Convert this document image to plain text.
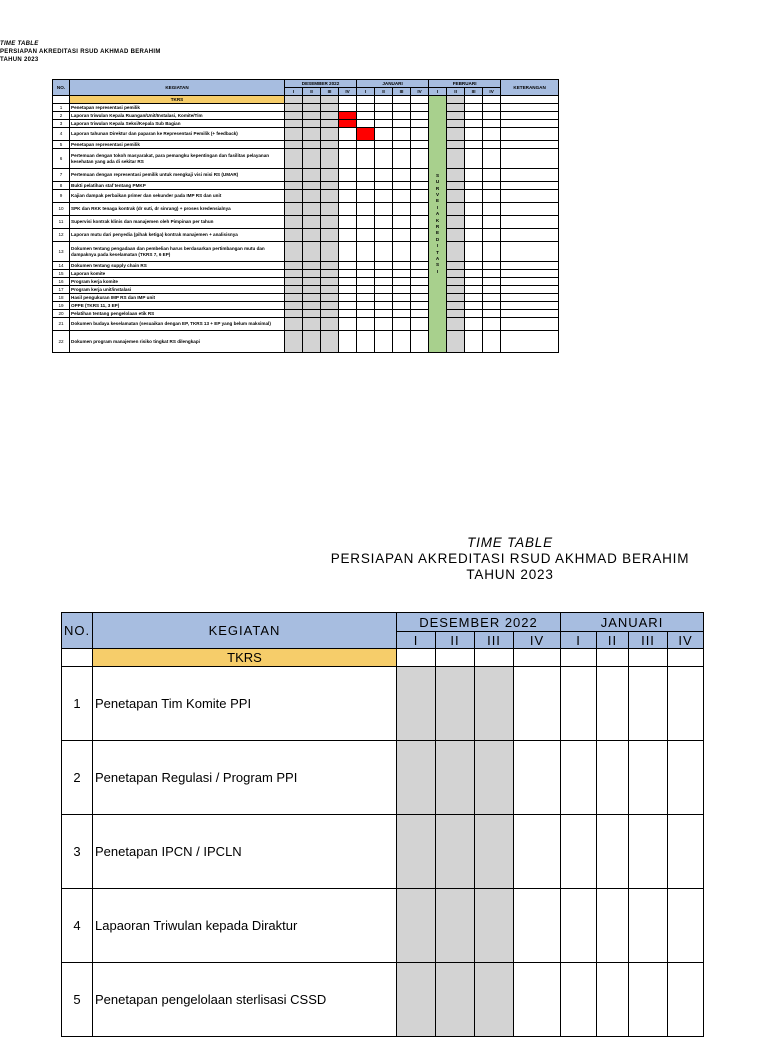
TIME TABLE
PERSIAPAN AKREDITASI RSUD AKHMAD BERAHIM
TAHUN 2023
NO.	KEGIATAN	DESEMBER 2022				JANUARI				FEBRUARI				KETERANGAN
		I	II	III	IV	I	II	III	IV	I	II	III	IV	
	TKRS									SURVEI AKREDITASI				

1	Penetapan representasi pemilik													
2	Laporan triwulan Kepala Ruangan/Unit/Instalasi, Komite/Tim													
3	Laporan triwulan Kepala Seksi/Kepala Sub Bagian													
4	Laporan tahunan Direktur dan paparan ke Representasi Pemilik (+ feedback)													
5	Penetapan representasi pemilik													
6	Pertemuan dengan tokoh masyarakat, para pemangku kepentingan dan fasilitas pelayanan kesehatan yang ada di sekitar RS													
7	Pertemuan dengan representasi pemilik untuk mengkaji visi misi RS (UMAR)													
8	Bukti pelatihan staf tentang PMKP													
9	Kajian dampak perbaikan primer dan sekunder pada IMP RS dan unit													
10	SPK dan RKK tenaga kontrak (dr suti, dr sinrang) + proses kredensialnya													
11	Supervisi kontrak klinis dan manajemen oleh Pimpinan per tahun													
12	Laporan mutu dari penyedia (pihak ketiga) kontrak manajemen + analisisnya													
13	Dokumen tentang pengadaan dan pembelian harus berdasarkan pertimbangan mutu dan dampaknya pada keselamatan (TKRS 7, 6 EP)													
14	Dokumen tentang supply chain RS													
15	Laporan komite													
16	Program kerja komite													
17	Program kerja unit/instalasi													
18	Hasil pengukuran IMP RS dan IMP unit													
19	OPPE (TKRS 11, 3 EP)													
20	Pelatihan tentang pengelolaan etik RS													
21	Dokumen budaya keselamatan (sesuaikan dengan EP, TKRS 13 + EP yang belum maksimal)													
22	Dokumen program manajemen risiko tingkat RS dilengkapi													
TIME TABLE
PERSIAPAN AKREDITASI RSUD AKHMAD BERAHIM
TAHUN 2023
NO.	KEGIATAN	DESEMBER 2022				JANUARI			
		I	II	III	IV	I	II	III	IV
	TKRS								
1	Penetapan Tim Komite PPI								
2	Penetapan Regulasi / Program PPI								
3	Penetapan IPCN / IPCLN								
4	Lapaoran Triwulan kepada Diraktur								
5	Penetapan pengelolaan sterlisasi CSSD								
